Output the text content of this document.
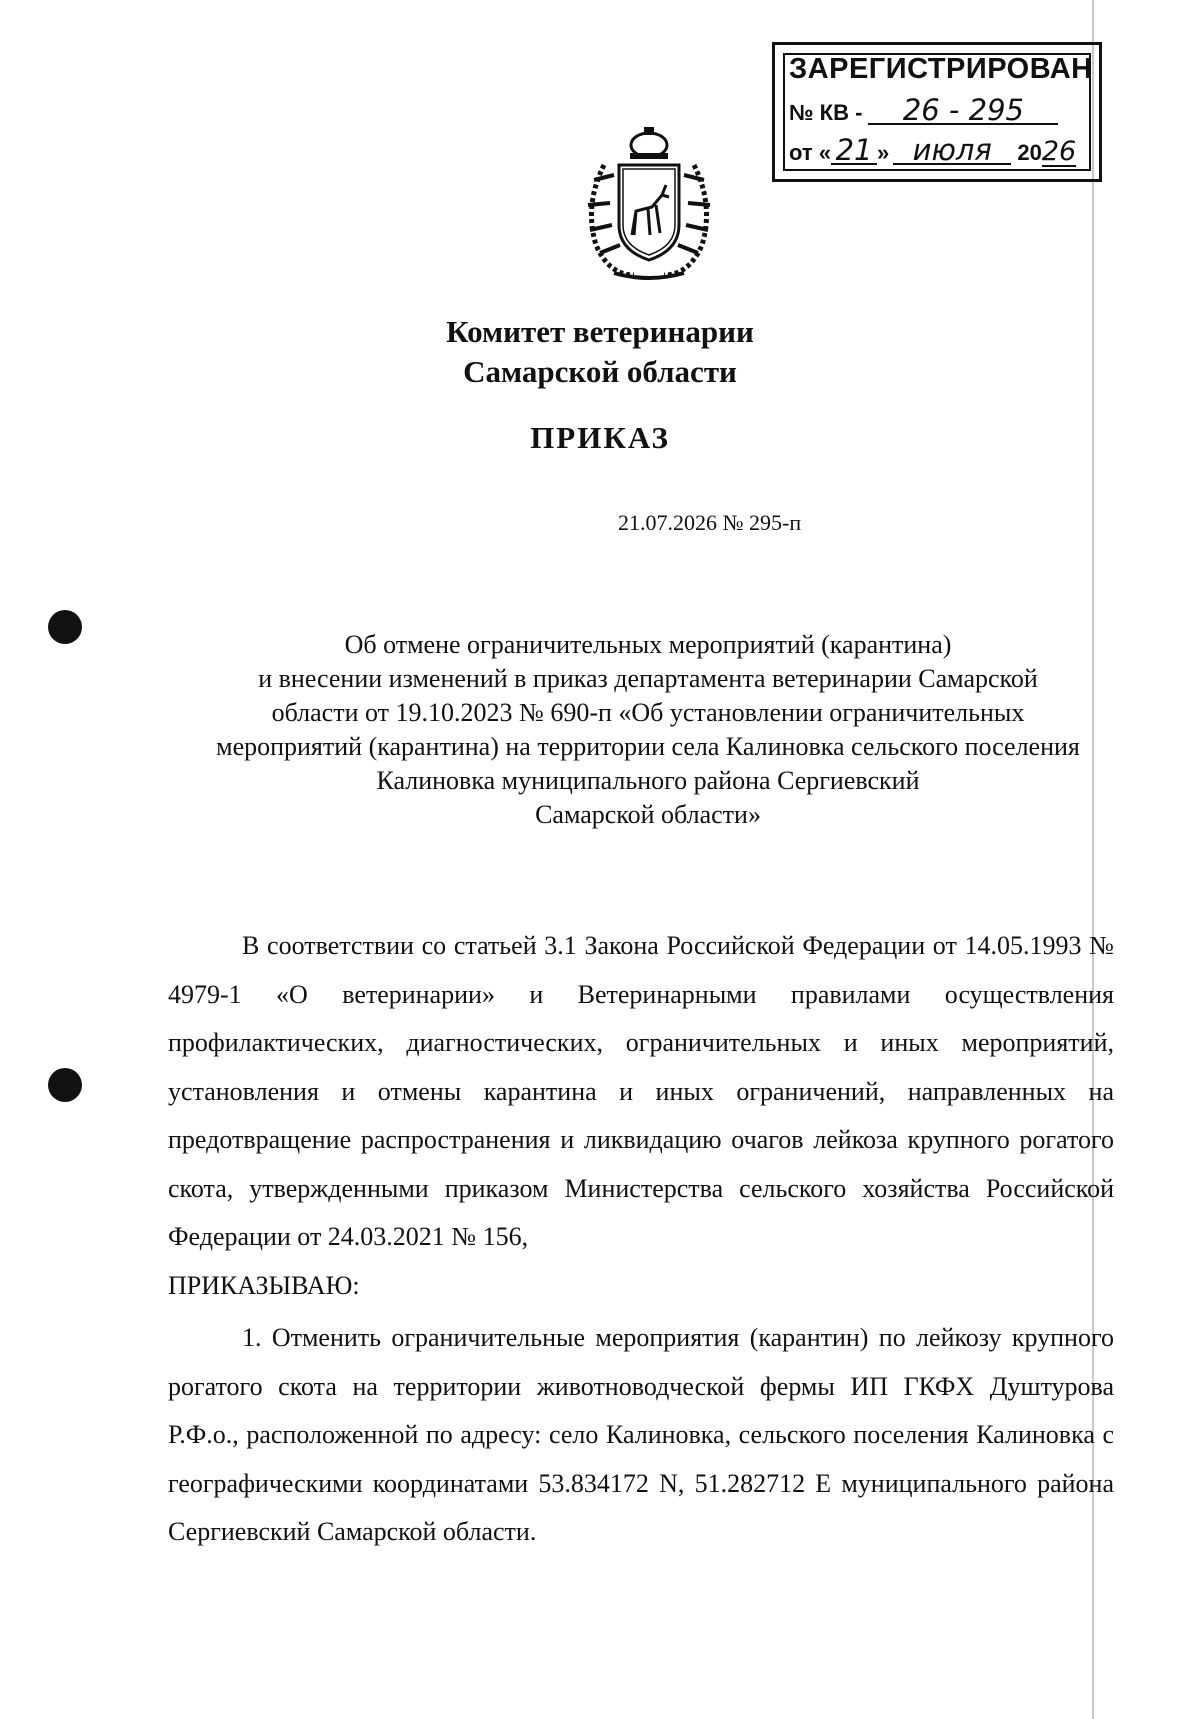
ЗАРЕГИСТРИРОВАН
№ КВ - 26 - 295
от « 21 » июля 2026
Комитет ветеринарии
Самарской области
ПРИКАЗ
21.07.2026 № 295-п
Об отмене ограничительных мероприятий (карантина)
и внесении изменений в приказ департамента ветеринарии Самарской
области от 19.10.2023 № 690-п «Об установлении ограничительных
мероприятий (карантина) на территории села Калиновка сельского поселения
Калиновка муниципального района Сергиевский
Самарской области»

В соответствии со статьей 3.1 Закона Российской Федерации от 14.05.1993 № 4979-1 «О ветеринарии» и Ветеринарными правилами осуществления профилактических, диагностических, ограничительных и иных мероприятий, установления и отмены карантина и иных ограничений, направленных на предотвращение распространения и ликвидацию очагов лейкоза крупного рогатого скота, утвержденными приказом Министерства сельского хозяйства Российской Федерации от 24.03.2021 № 156,

ПРИКАЗЫВАЮ:

1. Отменить ограничительные мероприятия (карантин) по лейкозу крупного рогатого скота на территории животноводческой фермы ИП ГКФХ Душтурова Р.Ф.о., расположенной по адресу: село Калиновка, сельского поселения Калиновка с географическими координатами 53.834172 N, 51.282712 E муниципального района Сергиевский Самарской области.
